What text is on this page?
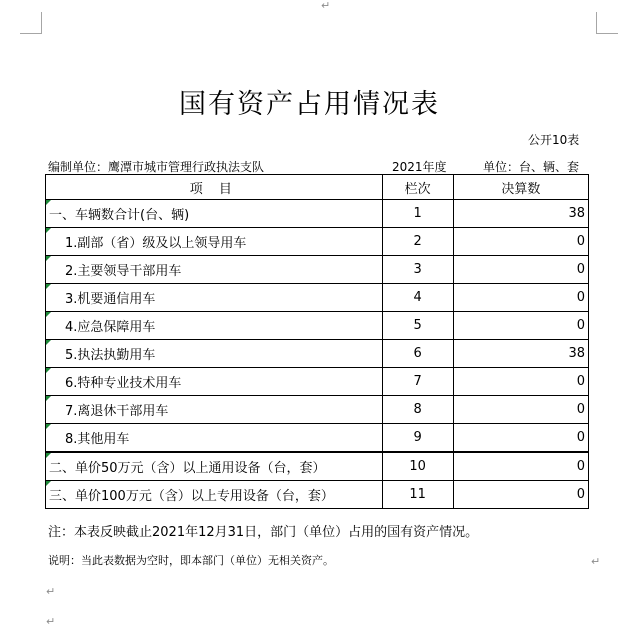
↵
国有资产占用情况表
公开10表
编制单位：鹰潭市城市管理行政执法支队	2021年度	单位：台、辆、套
项 目	栏次	决算数
一、车辆数合计(台、辆)	1	38
1.副部（省）级及以上领导用车	2	0
2.主要领导干部用车	3	0
3.机要通信用车	4	0
4.应急保障用车	5	0
5.执法执勤用车	6	38
6.特种专业技术用车	7	0
7.离退休干部用车	8	0
8.其他用车	9	0
二、单价50万元（含）以上通用设备（台，套）	10	0
三、单价100万元（含）以上专用设备（台，套）	11	0
注：本表反映截止2021年12月31日，部门（单位）占用的国有资产情况。
说明：当此表数据为空时，即本部门（单位）无相关资产。	↵
↵
↵
